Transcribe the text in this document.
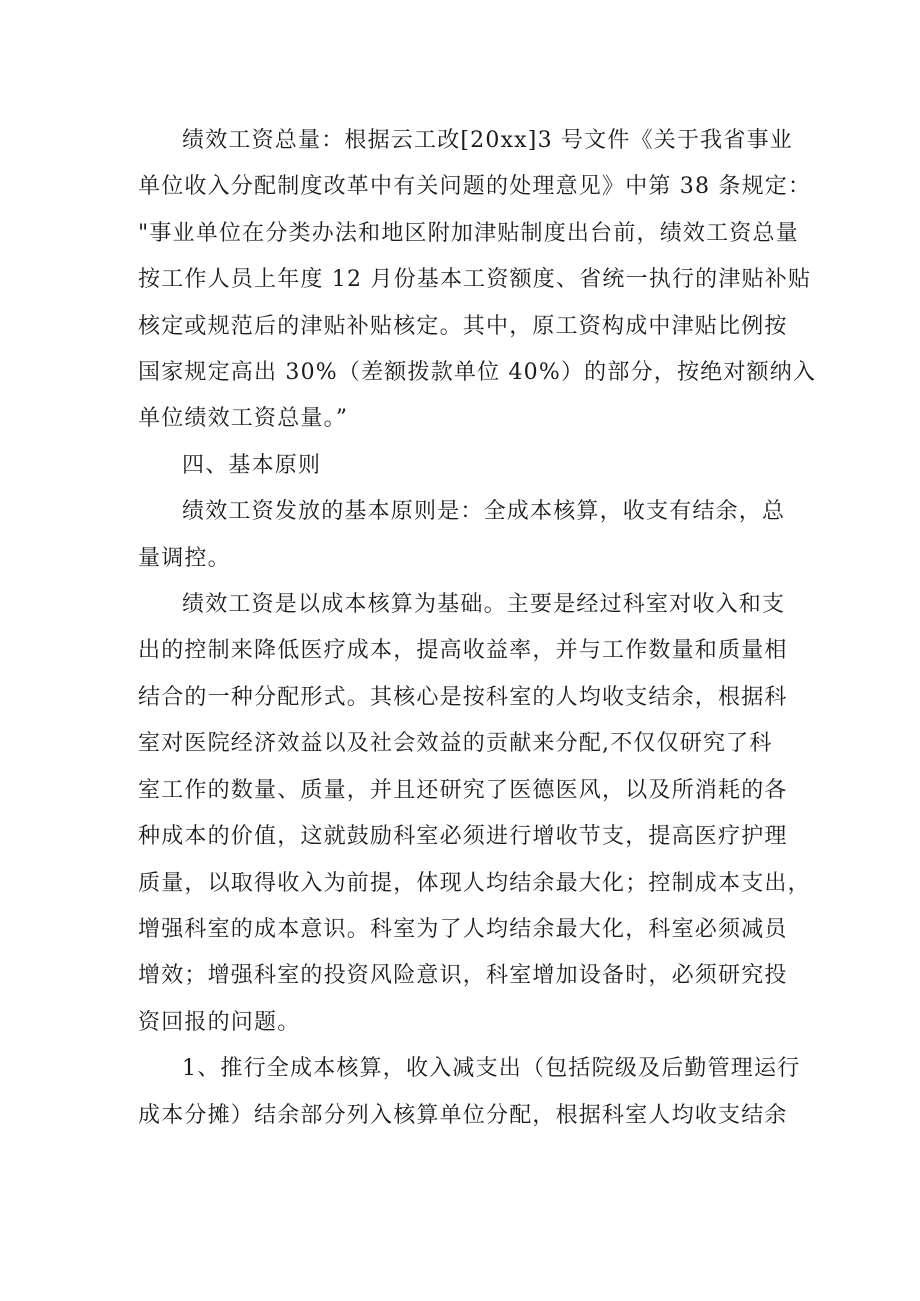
绩效工资总量：根据云工改[20xx]3 号文件《关于我省事业
单位收入分配制度改革中有关问题的处理意见》中第 38 条规定：
"事业单位在分类办法和地区附加津贴制度出台前，绩效工资总量
按工作人员上年度 12 月份基本工资额度、省统一执行的津贴补贴
核定或规范后的津贴补贴核定。其中，原工资构成中津贴比例按
国家规定高出 30%（差额拨款单位 40%）的部分，按绝对额纳入
单位绩效工资总量。”

四、基本原则

绩效工资发放的基本原则是：全成本核算，收支有结余，总
量调控。

绩效工资是以成本核算为基础。主要是经过科室对收入和支
出的控制来降低医疗成本，提高收益率，并与工作数量和质量相
结合的一种分配形式。其核心是按科室的人均收支结余，根据科
室对医院经济效益以及社会效益的贡献来分配,不仅仅研究了科
室工作的数量、质量，并且还研究了医德医风，以及所消耗的各
种成本的价值，这就鼓励科室必须进行增收节支，提高医疗护理
质量，以取得收入为前提，体现人均结余最大化；控制成本支出，
增强科室的成本意识。科室为了人均结余最大化，科室必须减员
增效；增强科室的投资风险意识，科室增加设备时，必须研究投
资回报的问题。

1、推行全成本核算，收入减支出（包括院级及后勤管理运行
成本分摊）结余部分列入核算单位分配，根据科室人均收支结余
